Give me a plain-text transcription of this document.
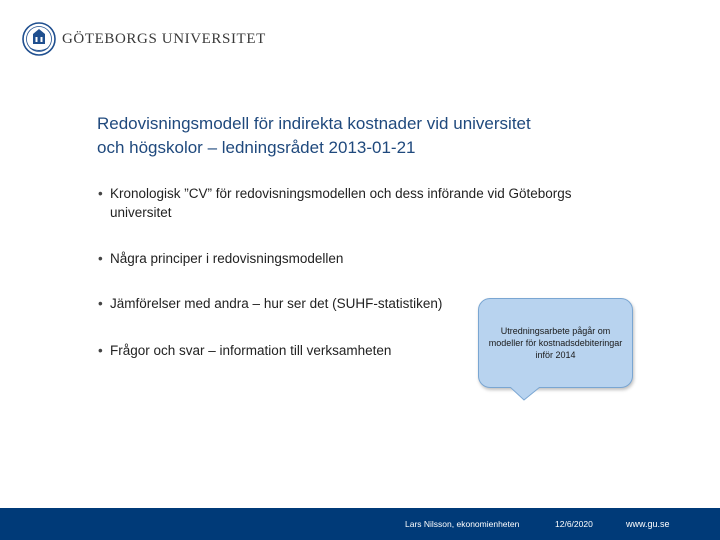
GÖTEBORGS UNIVERSITET
Redovisningsmodell för indirekta kostnader vid universitet
och högskolor – ledningsrådet 2013-01-21
• Kronologisk ”CV” för redovisningsmodellen och dess införande vid Göteborgs universitet
• Några principer i redovisningsmodellen
• Jämförelser med andra – hur ser det (SUHF-statistiken)
• Frågor och svar – information till verksamheten
Utredningsarbete pågår om modeller för kostnadsdebiteringar inför 2014
Lars Nilsson, ekonomienheten	12/6/2020	www.gu.se
